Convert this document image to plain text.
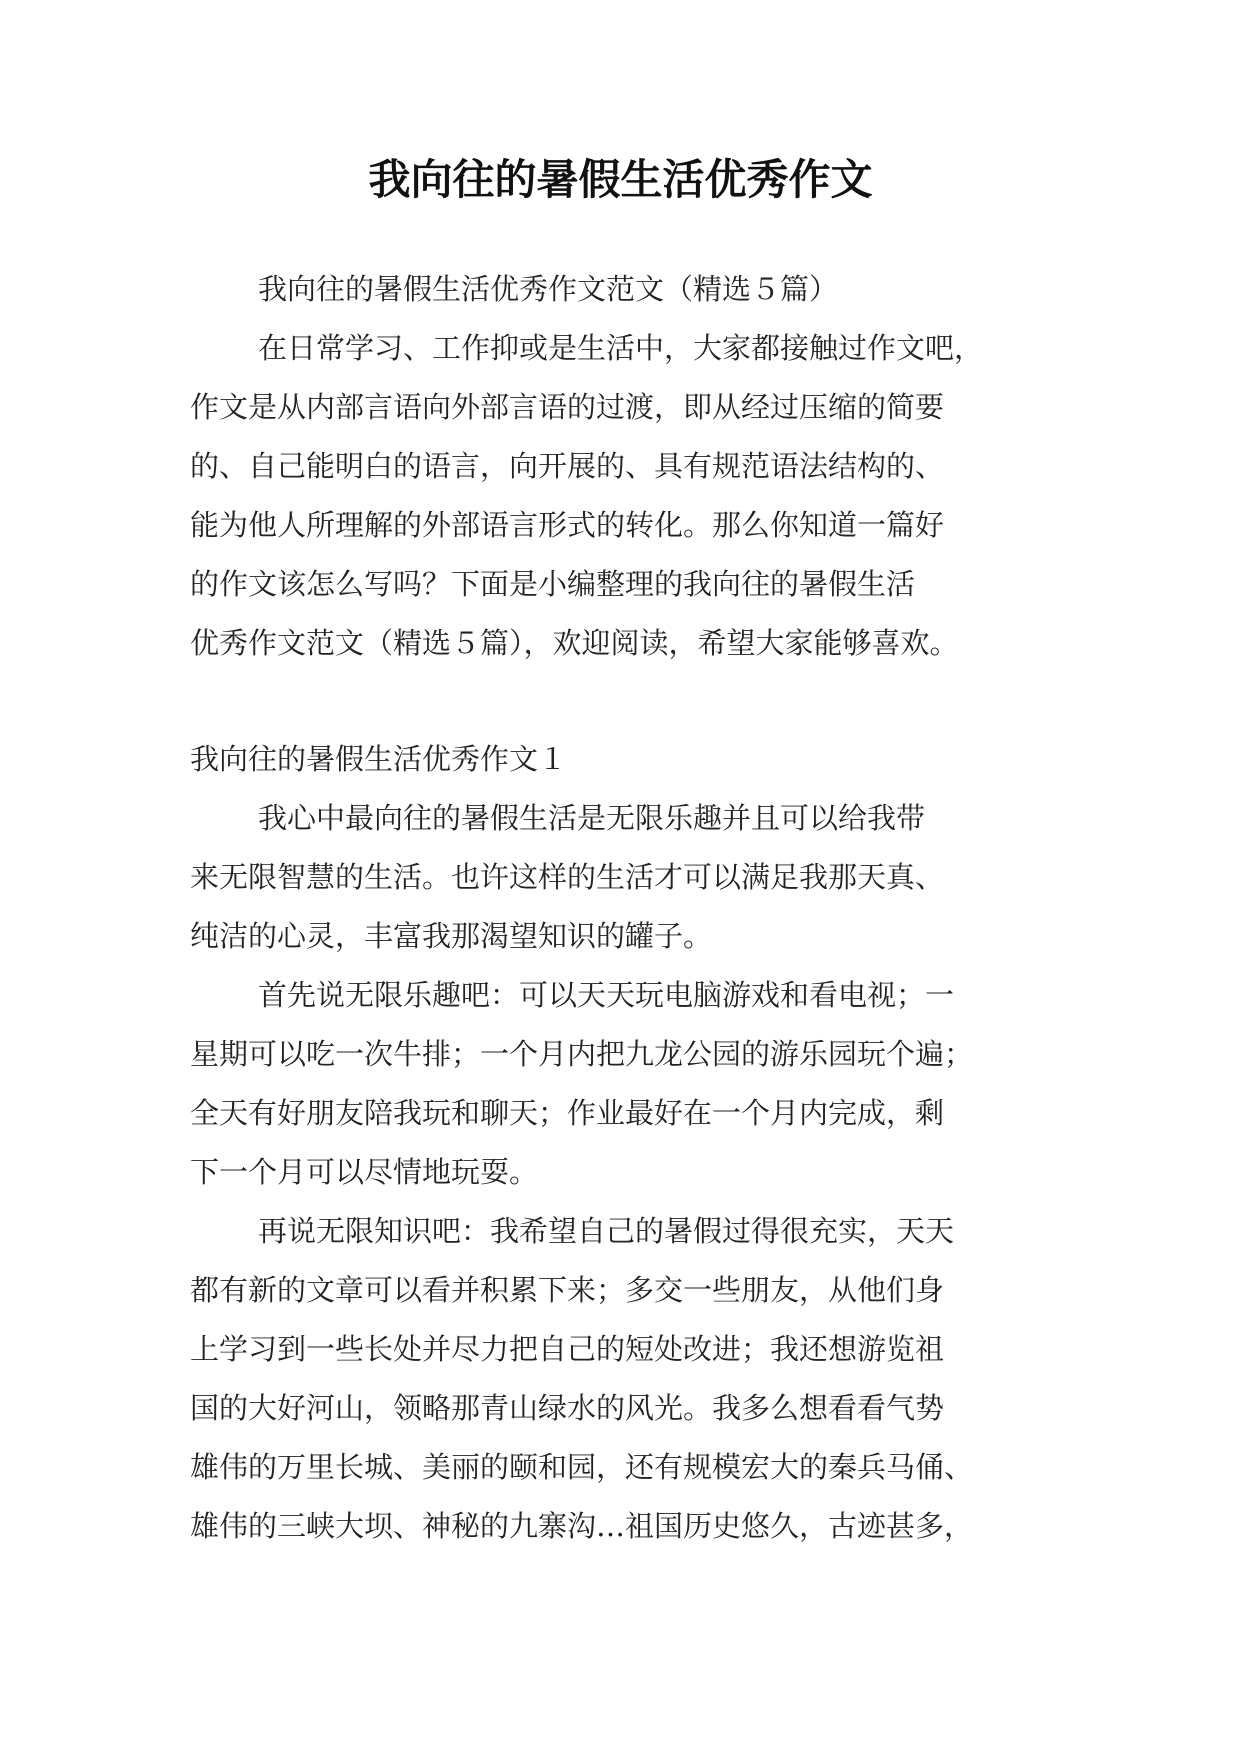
我向往的暑假生活优秀作文
我向往的暑假生活优秀作文范文（精选５篇）
在日常学习、工作抑或是生活中，大家都接触过作文吧，
作文是从内部言语向外部言语的过渡，即从经过压缩的简要
的、自己能明白的语言，向开展的、具有规范语法结构的、
能为他人所理解的外部语言形式的转化。那么你知道一篇好
的作文该怎么写吗？下面是小编整理的我向往的暑假生活
优秀作文范文（精选５篇），欢迎阅读，希望大家能够喜欢。
我向往的暑假生活优秀作文１
我心中最向往的暑假生活是无限乐趣并且可以给我带
来无限智慧的生活。也许这样的生活才可以满足我那天真、
纯洁的心灵，丰富我那渴望知识的罐子。
首先说无限乐趣吧：可以天天玩电脑游戏和看电视；一
星期可以吃一次牛排；一个月内把九龙公园的游乐园玩个遍；
全天有好朋友陪我玩和聊天；作业最好在一个月内完成，剩
下一个月可以尽情地玩耍。
再说无限知识吧：我希望自己的暑假过得很充实，天天
都有新的文章可以看并积累下来；多交一些朋友，从他们身
上学习到一些长处并尽力把自己的短处改进；我还想游览祖
国的大好河山，领略那青山绿水的风光。我多么想看看气势
雄伟的万里长城、美丽的颐和园，还有规模宏大的秦兵马俑、
雄伟的三峡大坝、神秘的九寨沟…祖国历史悠久，古迹甚多，
